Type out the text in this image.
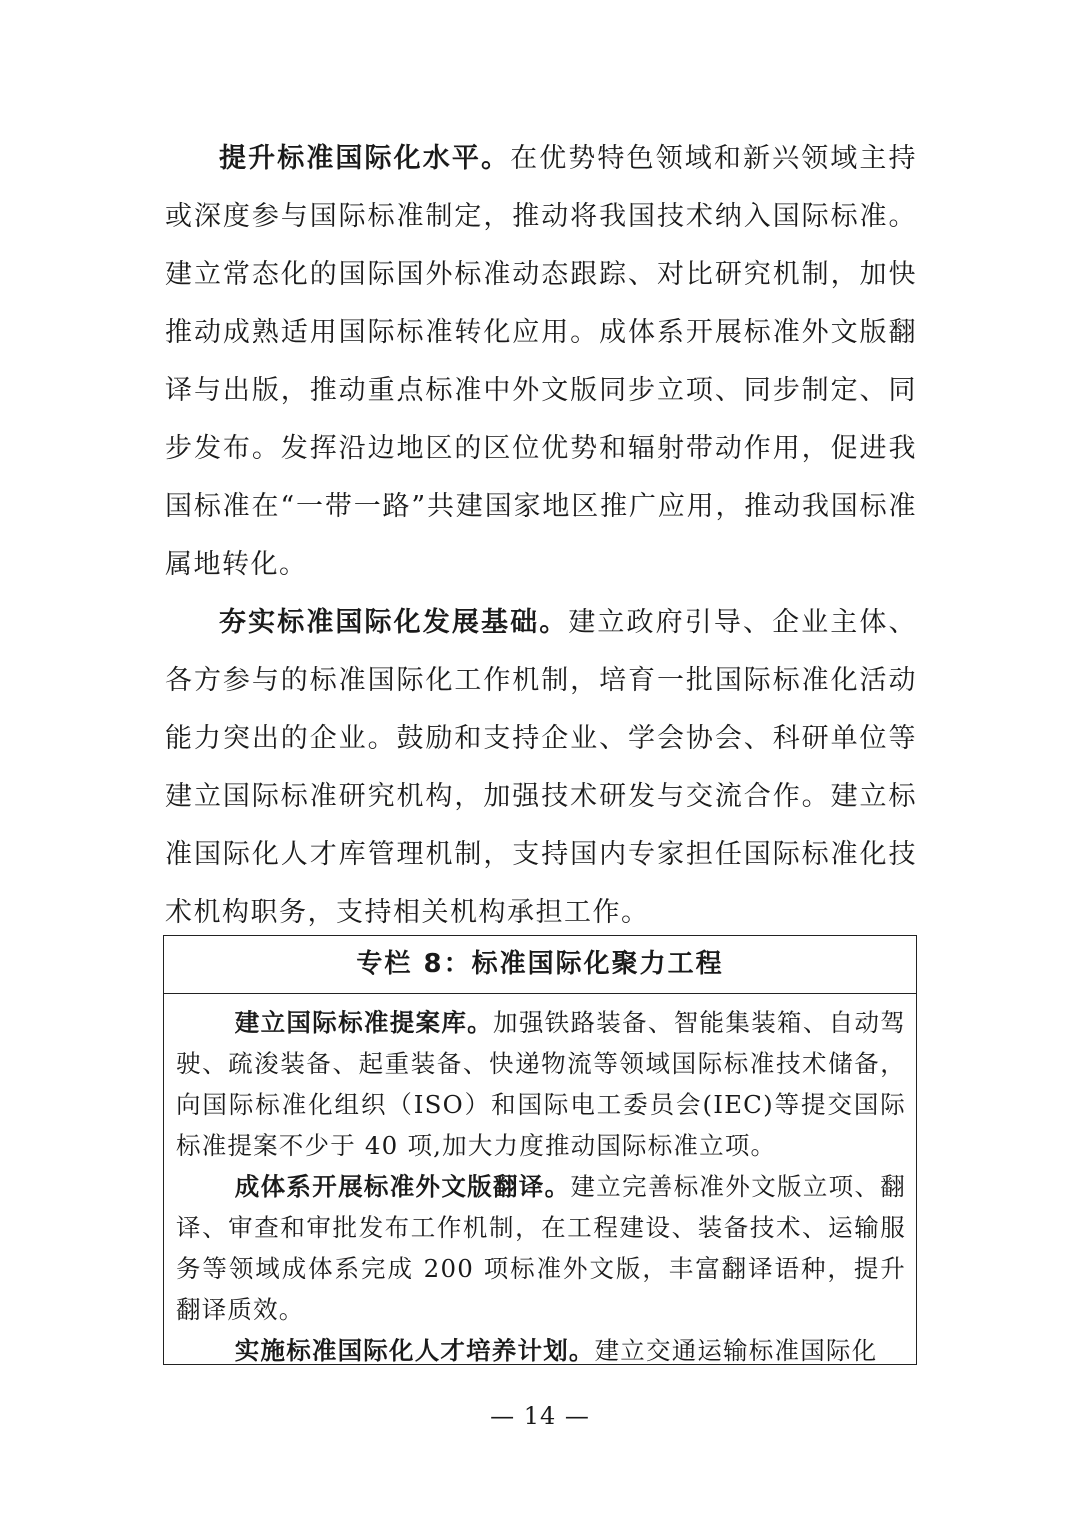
提升标准国际化水平。在优势特色领域和新兴领域主持或深度参与国际标准制定，推动将我国技术纳入国际标准。建立常态化的国际国外标准动态跟踪、对比研究机制，加快推动成熟适用国际标准转化应用。成体系开展标准外文版翻译与出版，推动重点标准中外文版同步立项、同步制定、同步发布。发挥沿边地区的区位优势和辐射带动作用，促进我国标准在“一带一路”共建国家地区推广应用，推动我国标准属地转化。

夯实标准国际化发展基础。建立政府引导、企业主体、各方参与的标准国际化工作机制，培育一批国际标准化活动能力突出的企业。鼓励和支持企业、学会协会、科研单位等建立国际标准研究机构，加强技术研发与交流合作。建立标准国际化人才库管理机制，支持国内专家担任国际标准化技术机构职务，支持相关机构承担工作。

专栏 8：标准国际化聚力工程

建立国际标准提案库。加强铁路装备、智能集装箱、自动驾驶、疏浚装备、起重装备、快递物流等领域国际标准技术储备，向国际标准化组织（ISO）和国际电工委员会(IEC)等提交国际标准提案不少于 40 项,加大力度推动国际标准立项。

成体系开展标准外文版翻译。建立完善标准外文版立项、翻译、审查和审批发布工作机制，在工程建设、装备技术、运输服务等领域成体系完成 200 项标准外文版，丰富翻译语种，提升翻译质效。

实施标准国际化人才培养计划。建立交通运输标准国际化

— 14 —
